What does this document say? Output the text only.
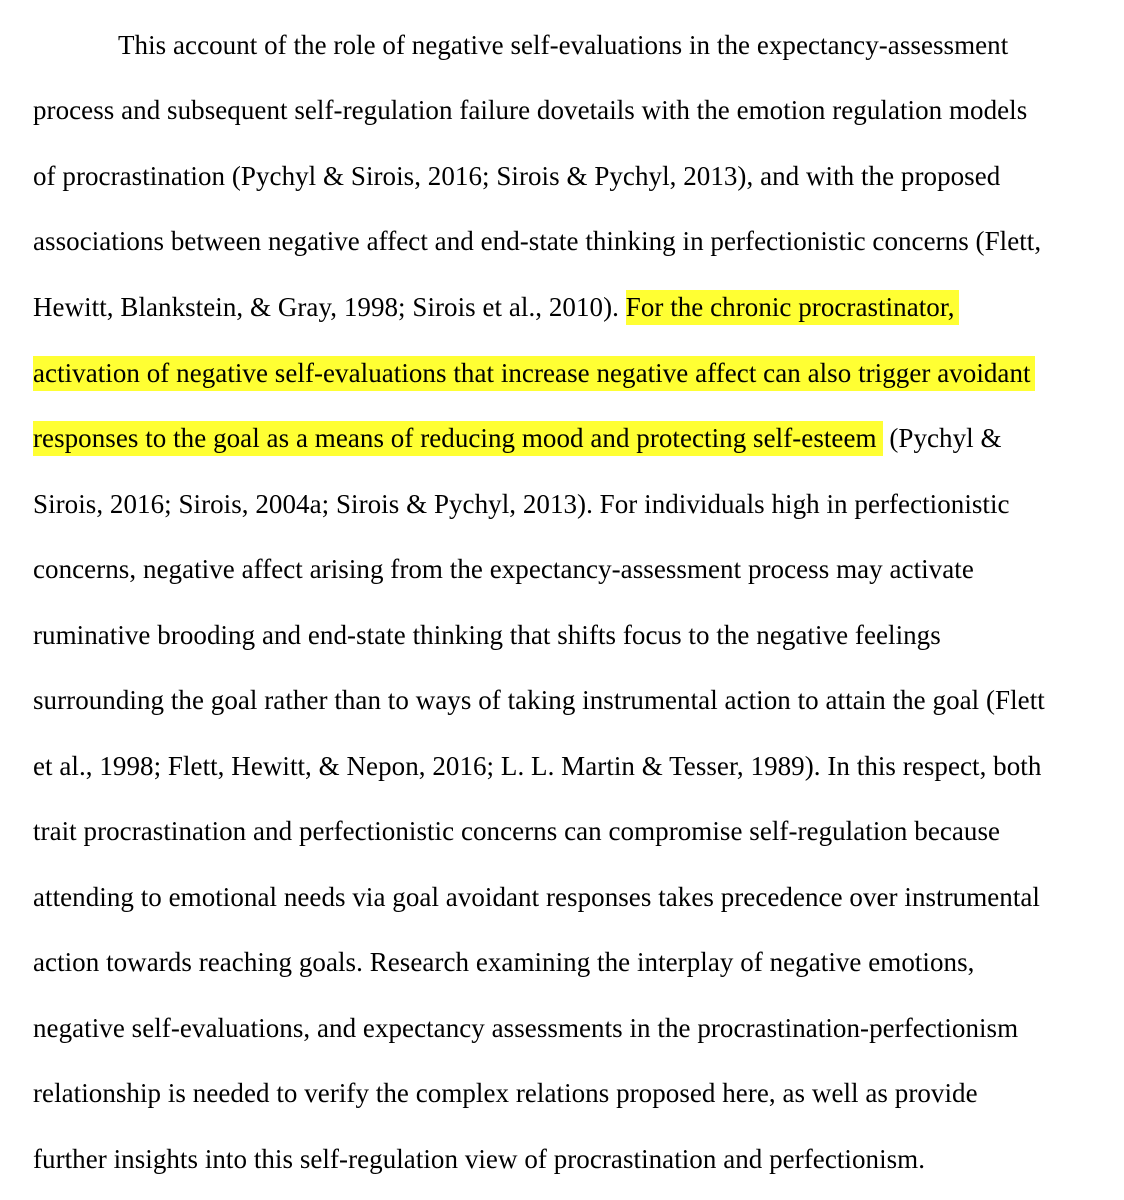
This account of the role of negative self-evaluations in the expectancy-assessment
process and subsequent self-regulation failure dovetails with the emotion regulation models
of procrastination (Pychyl & Sirois, 2016; Sirois & Pychyl, 2013), and with the proposed
associations between negative affect and end-state thinking in perfectionistic concerns (Flett,
Hewitt, Blankstein, & Gray, 1998; Sirois et al., 2010). For the chronic procrastinator,
activation of negative self-evaluations that increase negative affect can also trigger avoidant
responses to the goal as a means of reducing mood and protecting self-esteem (Pychyl &
Sirois, 2016; Sirois, 2004a; Sirois & Pychyl, 2013). For individuals high in perfectionistic
concerns, negative affect arising from the expectancy-assessment process may activate
ruminative brooding and end-state thinking that shifts focus to the negative feelings
surrounding the goal rather than to ways of taking instrumental action to attain the goal (Flett
et al., 1998; Flett, Hewitt, & Nepon, 2016; L. L. Martin & Tesser, 1989). In this respect, both
trait procrastination and perfectionistic concerns can compromise self-regulation because
attending to emotional needs via goal avoidant responses takes precedence over instrumental
action towards reaching goals. Research examining the interplay of negative emotions,
negative self-evaluations, and expectancy assessments in the procrastination-perfectionism
relationship is needed to verify the complex relations proposed here, as well as provide
further insights into this self-regulation view of procrastination and perfectionism.
